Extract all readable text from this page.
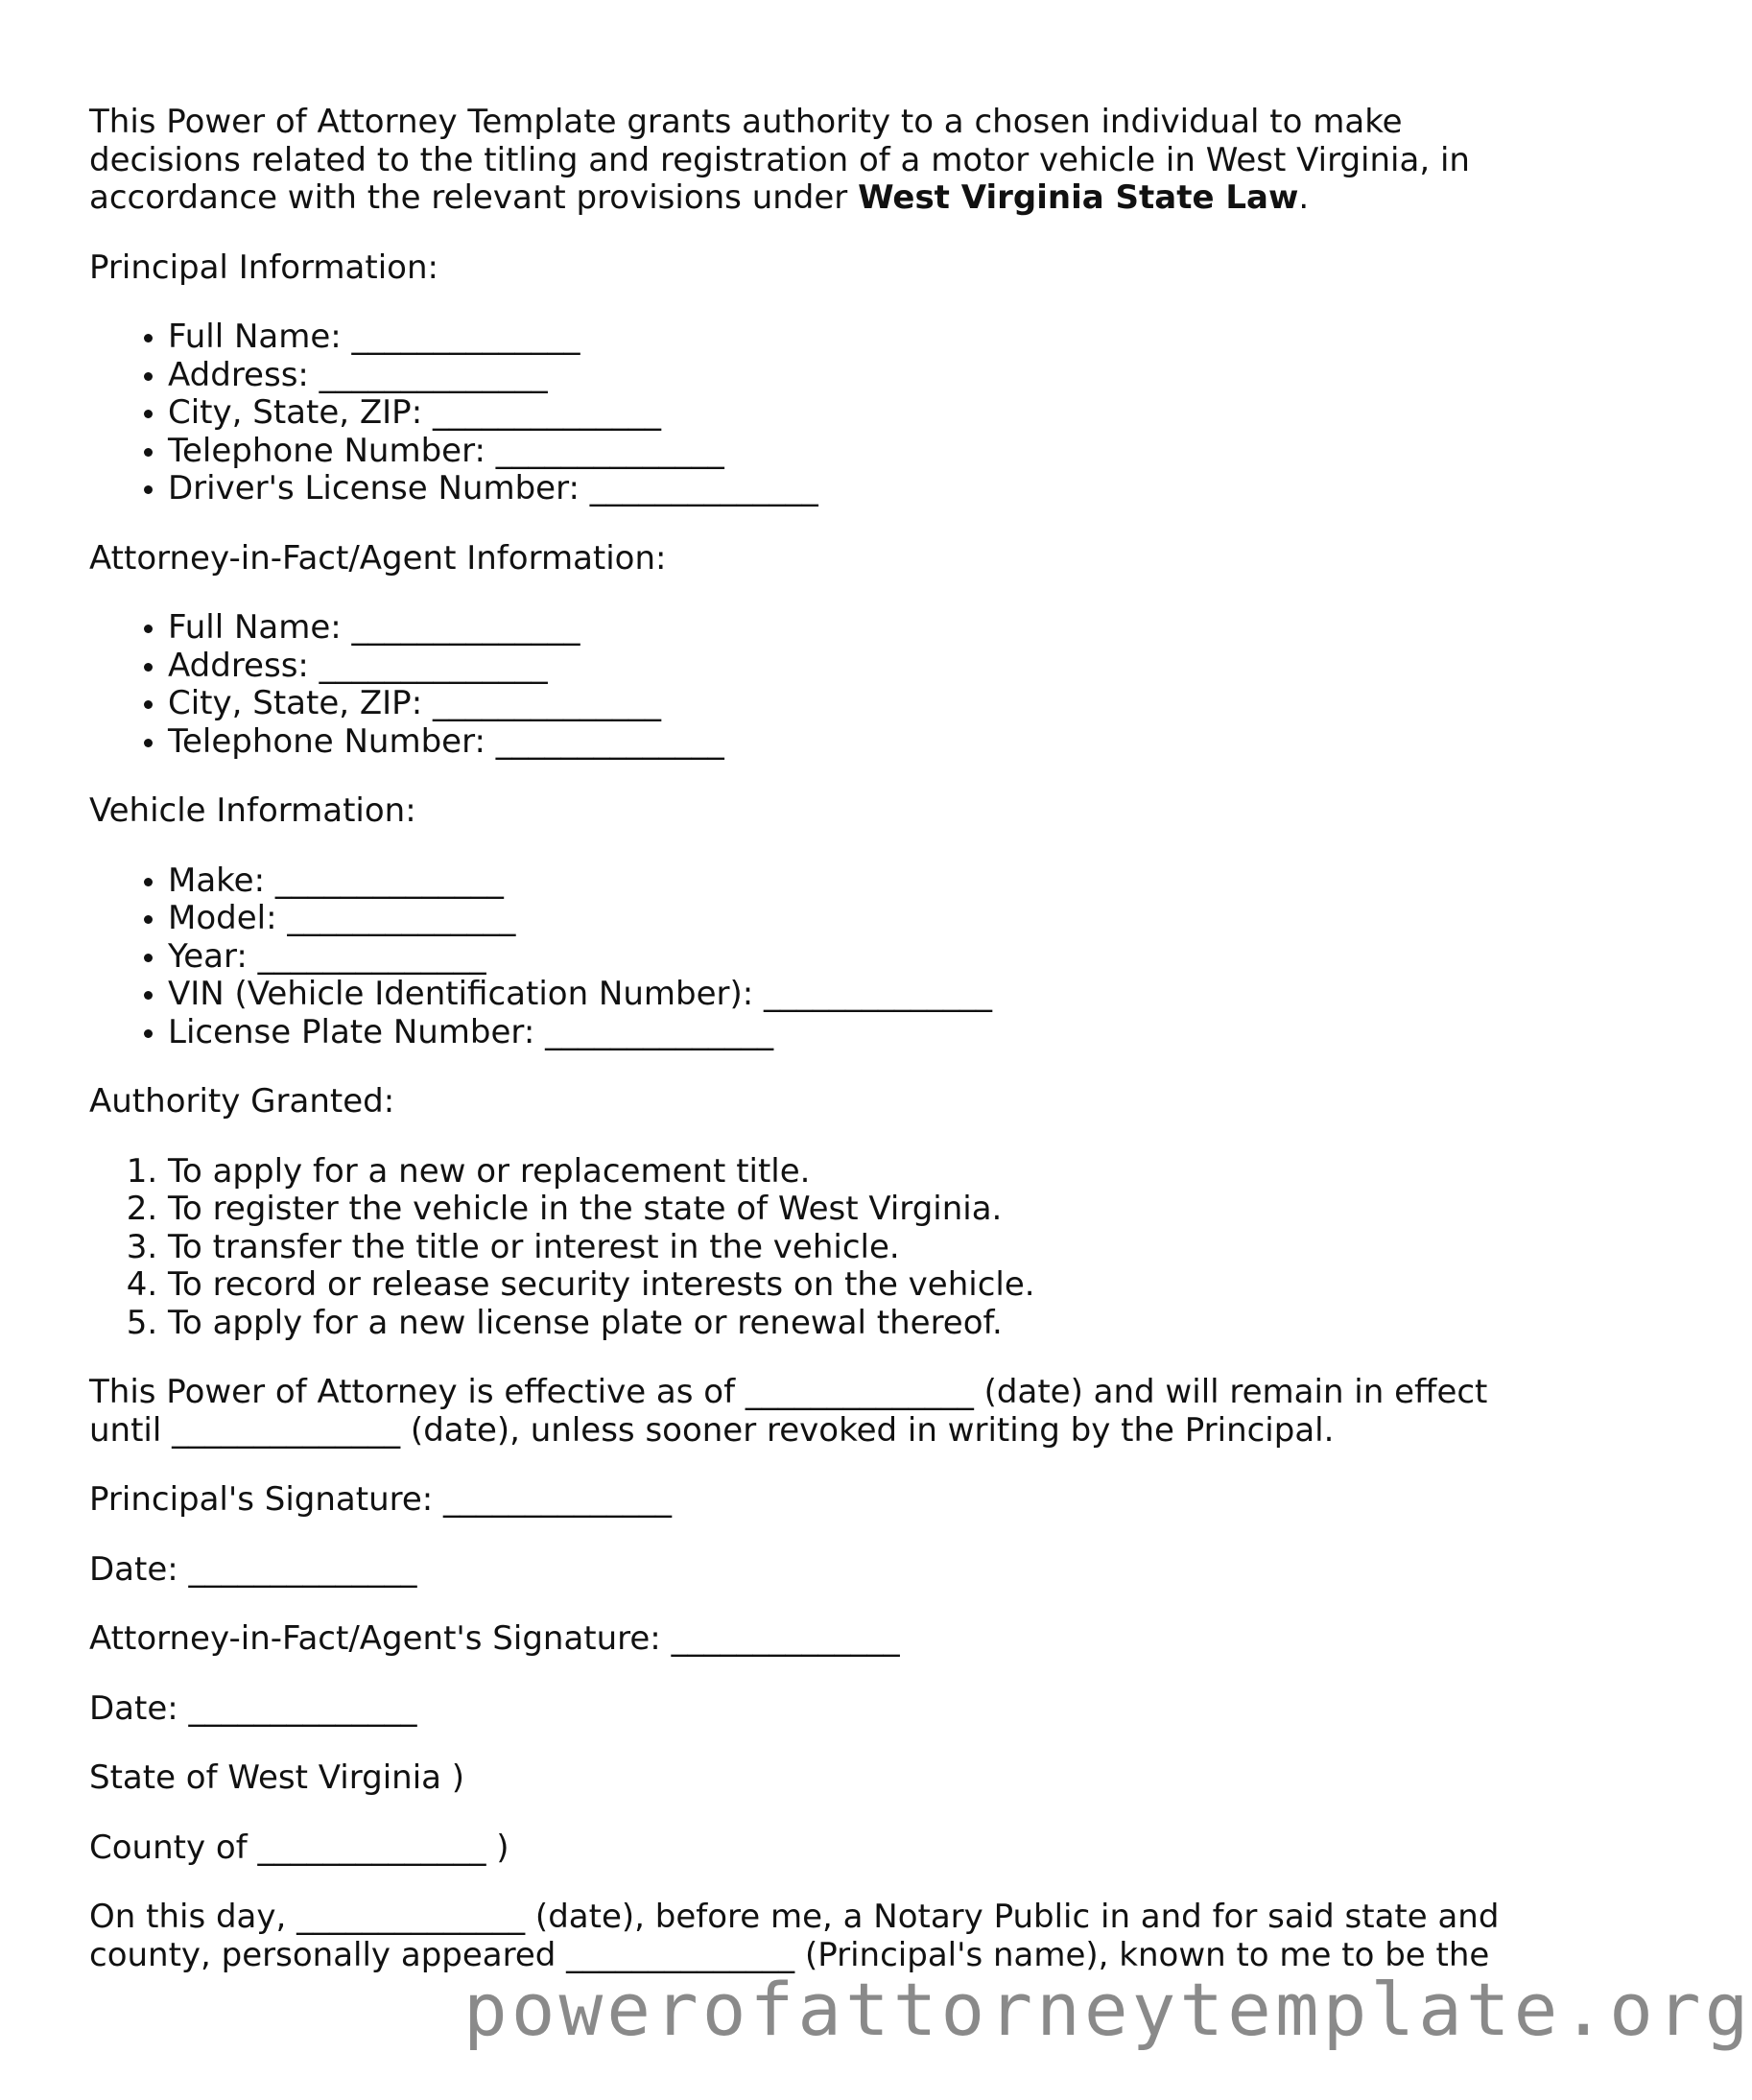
This Power of Attorney Template grants authority to a chosen individual to make decisions related to the titling and registration of a motor vehicle in West Virginia, in accordance with the relevant provisions under West Virginia State Law.

Principal Information:

• Full Name: ______________
• Address: ______________
• City, State, ZIP: ______________
• Telephone Number: ______________
• Driver's License Number: ______________

Attorney-in-Fact/Agent Information:

• Full Name: ______________
• Address: ______________
• City, State, ZIP: ______________
• Telephone Number: ______________

Vehicle Information:

• Make: ______________
• Model: ______________
• Year: ______________
• VIN (Vehicle Identification Number): ______________
• License Plate Number: ______________

Authority Granted:

1. To apply for a new or replacement title.
2. To register the vehicle in the state of West Virginia.
3. To transfer the title or interest in the vehicle.
4. To record or release security interests on the vehicle.
5. To apply for a new license plate or renewal thereof.

This Power of Attorney is effective as of ______________ (date) and will remain in effect until ______________ (date), unless sooner revoked in writing by the Principal.

Principal's Signature: ______________

Date: ______________

Attorney-in-Fact/Agent's Signature: ______________

Date: ______________

State of West Virginia )

County of ______________ )

On this day, ______________ (date), before me, a Notary Public in and for said state and county, personally appeared ______________ (Principal's name), known to me to be the

powerofattorneytemplate.org
